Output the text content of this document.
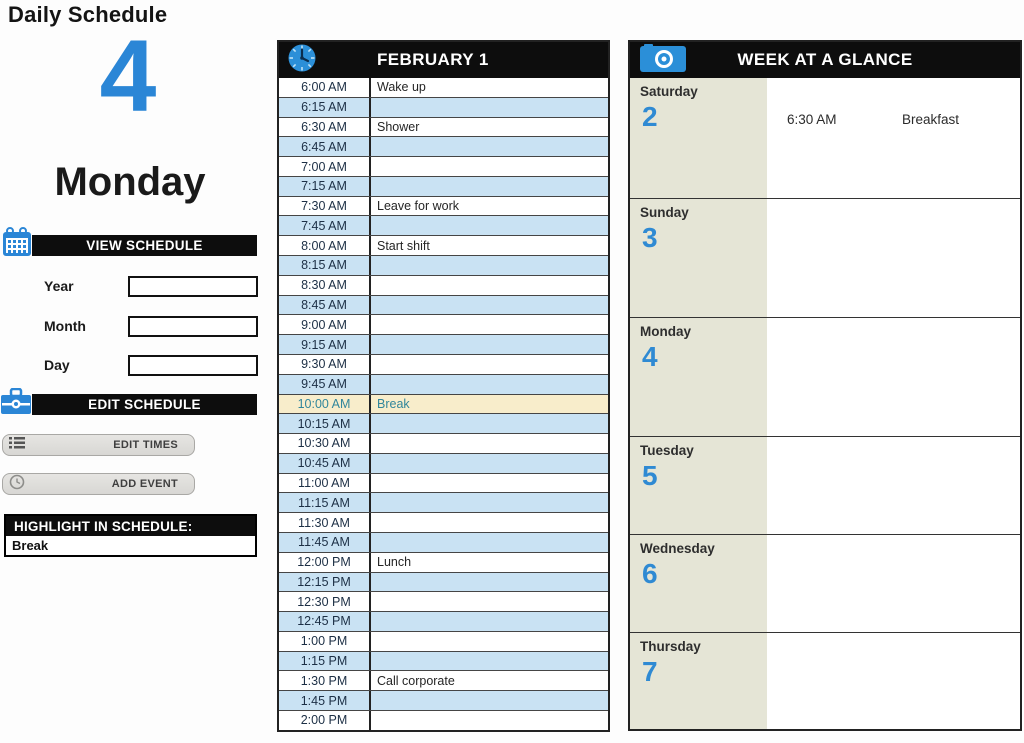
Daily Schedule
4
Monday
VIEW SCHEDULE
Year
Month
Day
EDIT SCHEDULE
EDIT TIMES
ADD EVENT
HIGHLIGHT IN SCHEDULE:
Break
FEBRUARY 1
6:00 AM	Wake up
6:15 AM
6:30 AM	Shower
6:45 AM
7:00 AM
7:15 AM
7:30 AM	Leave for work
7:45 AM
8:00 AM	Start shift
8:15 AM
8:30 AM
8:45 AM
9:00 AM
9:15 AM
9:30 AM
9:45 AM
10:00 AM	Break
10:15 AM
10:30 AM
10:45 AM
11:00 AM
11:15 AM
11:30 AM
11:45 AM
12:00 PM	Lunch
12:15 PM
12:30 PM
12:45 PM
1:00 PM
1:15 PM
1:30 PM	Call corporate
1:45 PM
2:00 PM
WEEK AT A GLANCE
Saturday
2	6:30 AM	Breakfast
Sunday
3
Monday
4
Tuesday
5
Wednesday
6
Thursday
7
